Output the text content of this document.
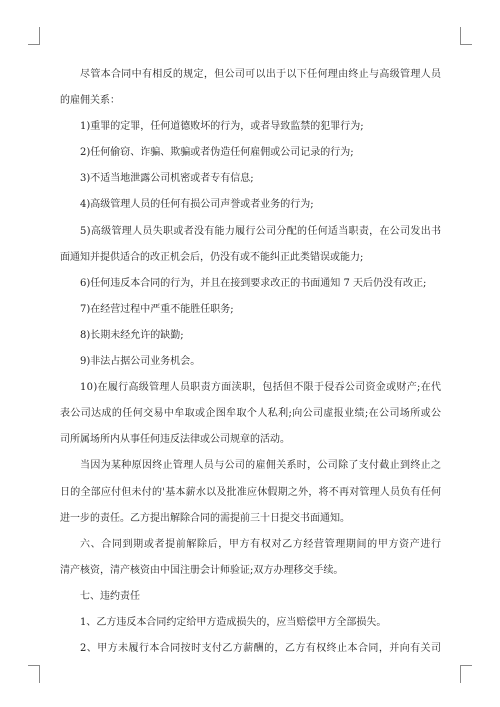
尽管本合同中有相反的规定，但公司可以出于以下任何理由终止与高级管理人员
的雇佣关系：
1)重罪的定罪，任何道德败坏的行为，或者导致监禁的犯罪行为;
2)任何偷窃、诈骗、欺骗或者伪造任何雇佣或公司记录的行为;
3)不适当地泄露公司机密或者专有信息;
4)高级管理人员的任何有损公司声誉或者业务的行为;
5)高级管理人员失职或者没有能力履行公司分配的任何适当职责，在公司发出书
面通知并提供适合的改正机会后，仍没有或不能纠正此类错误或能力;
6)任何违反本合同的行为，并且在接到要求改正的书面通知 7 天后仍没有改正;
7)在经营过程中严重不能胜任职务;
8)长期未经允许的缺勤;
9)非法占据公司业务机会。
10)在履行高级管理人员职责方面渎职，包括但不限于侵吞公司资金或财产;在代
表公司达成的任何交易中牟取或企图牟取个人私利;向公司虚报业绩;在公司场所或公
司所属场所内从事任何违反法律或公司规章的活动。
当因为某种原因终止管理人员与公司的雇佣关系时，公司除了支付截止到终止之
日的全部应付但未付的'基本薪水以及批准应休假期之外，将不再对管理人员负有任何
进一步的责任。乙方提出解除合同的需提前三十日提交书面通知。
六、合同到期或者提前解除后，甲方有权对乙方经营管理期间的甲方资产进行
清产核资，清产核资由中国注册会计师验证;双方办理移交手续。
七、违约责任
1、乙方违反本合同约定给甲方造成损失的，应当赔偿甲方全部损失。
2、甲方未履行本合同按时支付乙方薪酬的，乙方有权终止本合同，并向有关司
